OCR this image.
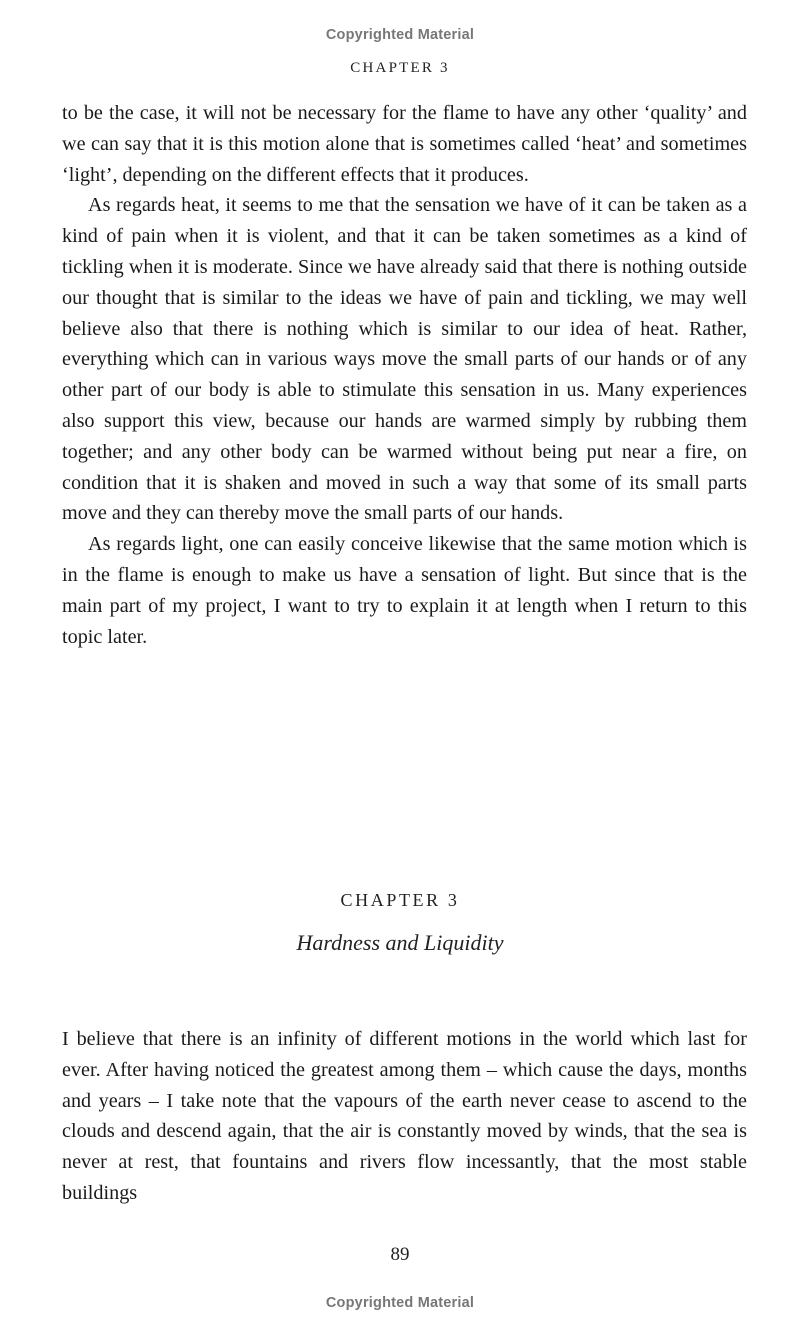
Copyrighted Material
CHAPTER 3

to be the case, it will not be necessary for the flame to have any other ‘quality’ and we can say that it is this motion alone that is sometimes called ‘heat’ and sometimes ‘light’, depending on the different effects that it produces.

As regards heat, it seems to me that the sensation we have of it can be taken as a kind of pain when it is violent, and that it can be taken sometimes as a kind of tickling when it is moderate. Since we have already said that there is nothing outside our thought that is similar to the ideas we have of pain and tickling, we may well believe also that there is nothing which is similar to our idea of heat. Rather, everything which can in various ways move the small parts of our hands or of any other part of our body is able to stimulate this sensation in us. Many experiences also support this view, because our hands are warmed simply by rubbing them together; and any other body can be warmed without being put near a fire, on condition that it is shaken and moved in such a way that some of its small parts move and they can thereby move the small parts of our hands.

As regards light, one can easily conceive likewise that the same motion which is in the flame is enough to make us have a sensation of light. But since that is the main part of my project, I want to try to explain it at length when I return to this topic later.

CHAPTER 3
Hardness and Liquidity

I believe that there is an infinity of different motions in the world which last for ever. After having noticed the greatest among them – which cause the days, months and years – I take note that the vapours of the earth never cease to ascend to the clouds and descend again, that the air is constantly moved by winds, that the sea is never at rest, that fountains and rivers flow incessantly, that the most stable buildings

89
Copyrighted Material
